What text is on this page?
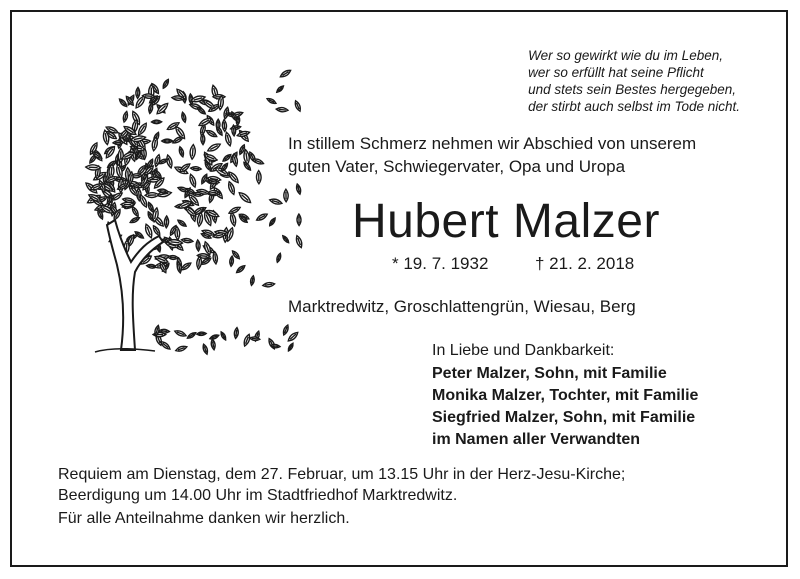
Wer so gewirkt wie du im Leben,
wer so erfüllt hat seine Pflicht
und stets sein Bestes hergegeben,
der stirbt auch selbst im Tode nicht.
In stillem Schmerz nehmen wir Abschied von unserem
guten Vater, Schwiegervater, Opa und Uropa
Hubert Malzer
* 19. 7. 1932	† 21. 2. 2018
Marktredwitz, Groschlattengrün, Wiesau, Berg
In Liebe und Dankbarkeit:
Peter Malzer, Sohn, mit Familie
Monika Malzer, Tochter, mit Familie
Siegfried Malzer, Sohn, mit Familie
im Namen aller Verwandten
Requiem am Dienstag, dem 27. Februar, um 13.15 Uhr in der Herz-Jesu-Kirche;
Beerdigung um 14.00 Uhr im Stadtfriedhof Marktredwitz.
Für alle Anteilnahme danken wir herzlich.
